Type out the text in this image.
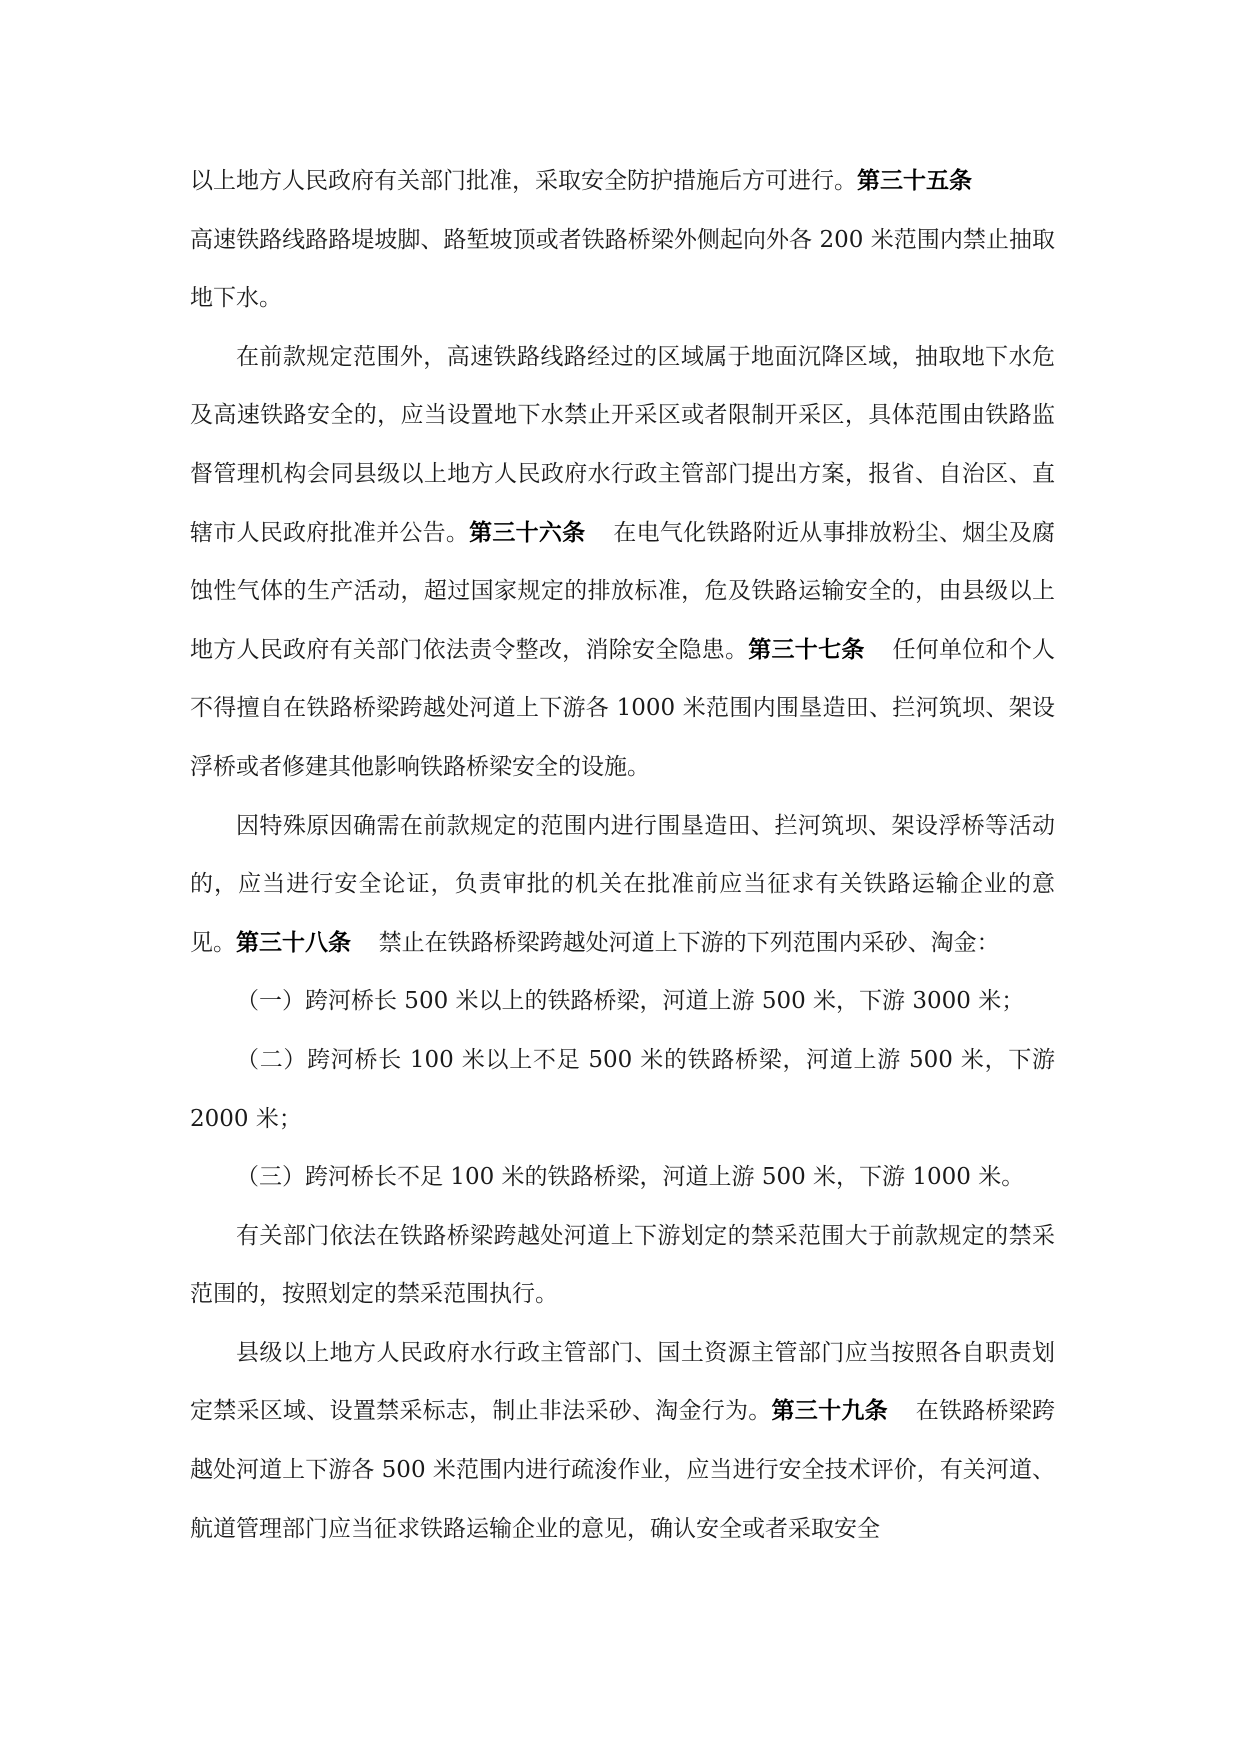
以上地方人民政府有关部门批准，采取安全防护措施后方可进行。第三十五条
高速铁路线路路堤坡脚、路堑坡顶或者铁路桥梁外侧起向外各 200 米范围内禁止抽取地下水。

在前款规定范围外，高速铁路线路经过的区域属于地面沉降区域，抽取地下水危及高速铁路安全的，应当设置地下水禁止开采区或者限制开采区，具体范围由铁路监督管理机构会同县级以上地方人民政府水行政主管部门提出方案，报省、自治区、直辖市人民政府批准并公告。第三十六条 在电气化铁路附近从事排放粉尘、烟尘及腐蚀性气体的生产活动，超过国家规定的排放标准，危及铁路运输安全的，由县级以上地方人民政府有关部门依法责令整改，消除安全隐患。第三十七条 任何单位和个人不得擅自在铁路桥梁跨越处河道上下游各 1000 米范围内围垦造田、拦河筑坝、架设浮桥或者修建其他影响铁路桥梁安全的设施。

因特殊原因确需在前款规定的范围内进行围垦造田、拦河筑坝、架设浮桥等活动的，应当进行安全论证，负责审批的机关在批准前应当征求有关铁路运输企业的意见。第三十八条 禁止在铁路桥梁跨越处河道上下游的下列范围内采砂、淘金：

（一）跨河桥长 500 米以上的铁路桥梁，河道上游 500 米，下游 3000 米；

（二）跨河桥长 100 米以上不足 500 米的铁路桥梁，河道上游 500 米，下游 2000 米；

（三）跨河桥长不足 100 米的铁路桥梁，河道上游 500 米，下游 1000 米。

有关部门依法在铁路桥梁跨越处河道上下游划定的禁采范围大于前款规定的禁采范围的，按照划定的禁采范围执行。

县级以上地方人民政府水行政主管部门、国土资源主管部门应当按照各自职责划定禁采区域、设置禁采标志，制止非法采砂、淘金行为。第三十九条 在铁路桥梁跨越处河道上下游各 500 米范围内进行疏浚作业，应当进行安全技术评价，有关河道、航道管理部门应当征求铁路运输企业的意见，确认安全或者采取安全
